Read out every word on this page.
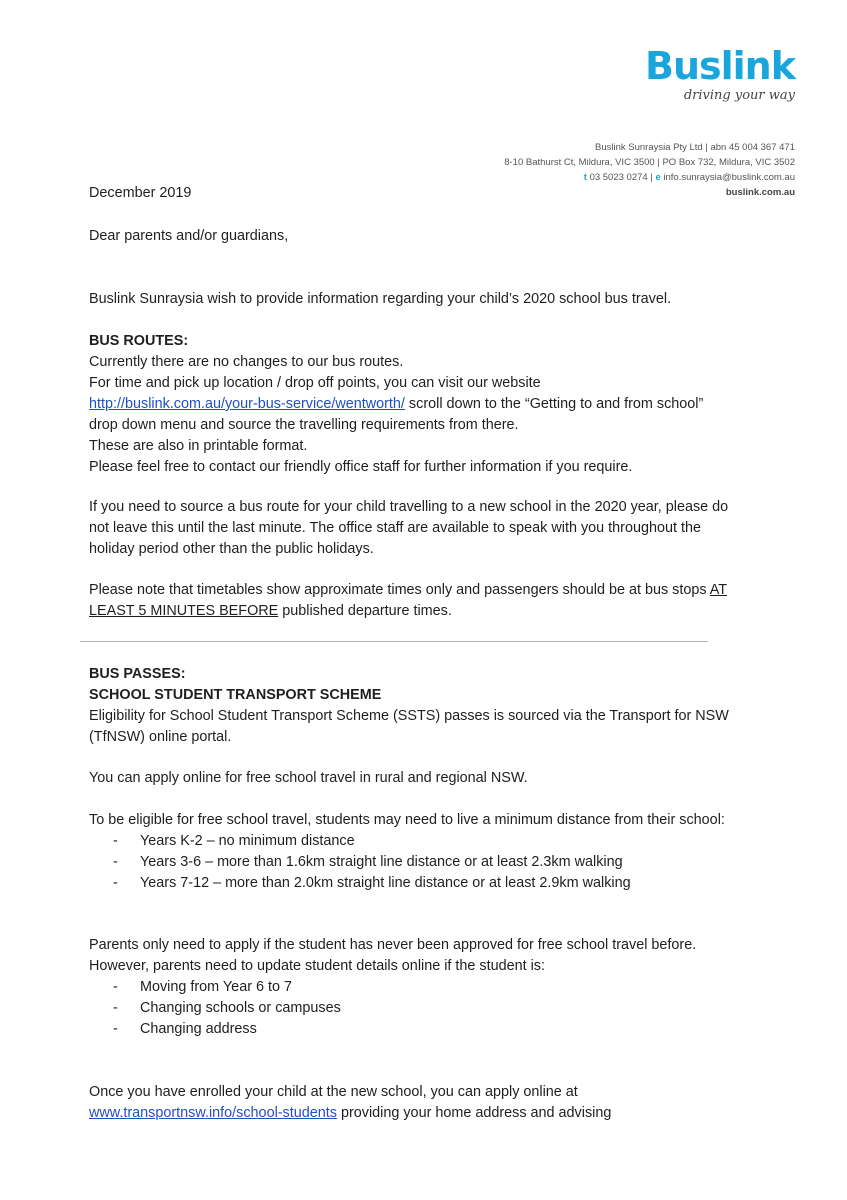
Buslink
driving your way
Buslink Sunraysia Pty Ltd | abn 45 004 367 471
8-10 Bathurst Ct, Mildura, VIC 3500 | PO Box 732, Mildura, VIC 3502
t 03 5023 0274 | e info.sunraysia@buslink.com.au
buslink.com.au
December 2019
Dear parents and/or guardians,
Buslink Sunraysia wish to provide information regarding your child’s 2020 school bus travel.

BUS ROUTES:

Currently there are no changes to our bus routes.

For time and pick up location / drop off points, you can visit our website

http://buslink.com.au/your-bus-service/wentworth/ scroll down to the “Getting to and from school” drop down menu and source the travelling requirements from there.

These are also in printable format.

Please feel free to contact our friendly office staff for further information if you require.

If you need to source a bus route for your child travelling to a new school in the 2020 year, please do not leave this until the last minute. The office staff are available to speak with you throughout the holiday period other than the public holidays.
Please note that timetables show approximate times only and passengers should be at bus stops AT LEAST 5 MINUTES BEFORE published departure times.

BUS PASSES:

SCHOOL STUDENT TRANSPORT SCHEME

Eligibility for School Student Transport Scheme (SSTS) passes is sourced via the Transport for NSW (TfNSW) online portal.

You can apply online for free school travel in rural and regional NSW.

To be eligible for free school travel, students may need to live a minimum distance from their school:

- Years K-2 – no minimum distance
- Years 3-6 – more than 1.6km straight line distance or at least 2.3km walking
- Years 7-12 – more than 2.0km straight line distance or at least 2.9km walking

Parents only need to apply if the student has never been approved for free school travel before.

However, parents need to update student details online if the student is:

- Moving from Year 6 to 7
- Changing schools or campuses
- Changing address
Once you have enrolled your child at the new school, you can apply online at
www.transportnsw.info/school-students providing your home address and advising
